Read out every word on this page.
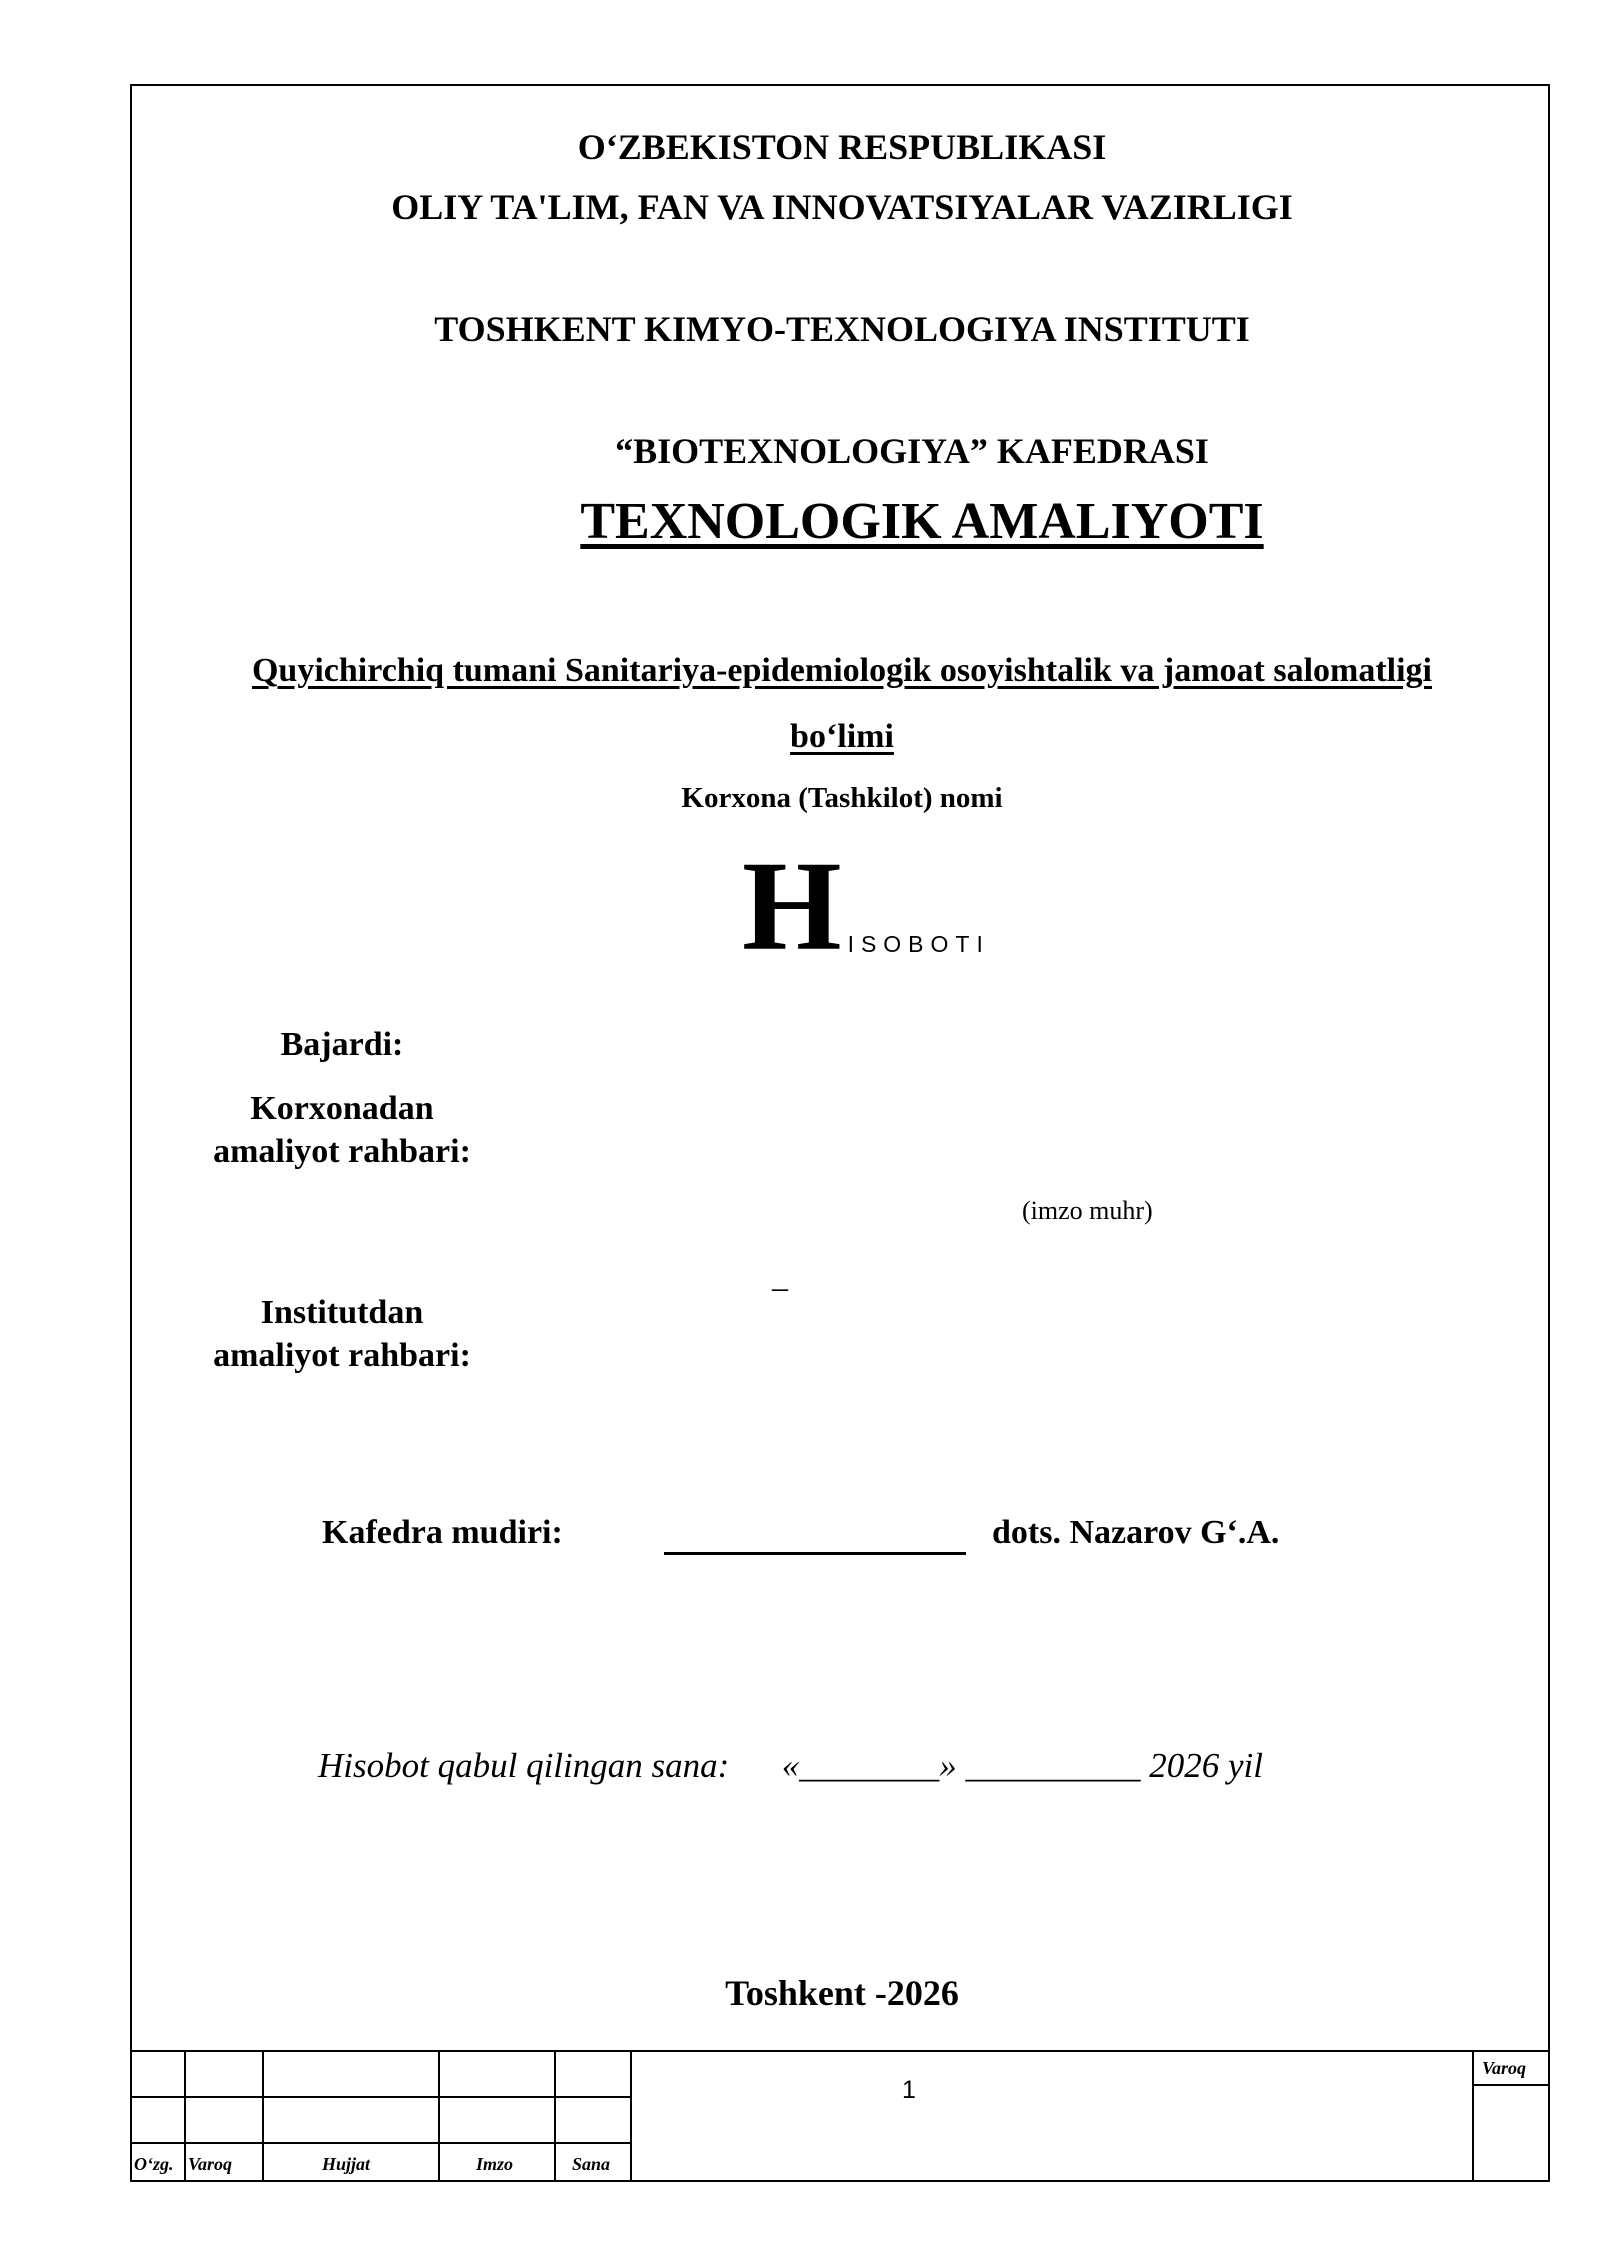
O‘ZBEKISTON RESPUBLIKASI
OLIY TA'LIM, FAN VA INNOVATSIYALAR VAZIRLIGI
TOSHKENT KIMYO-TEXNOLOGIYA INSTITUTI
“BIOTEXNOLOGIYA” KAFEDRASI
TEXNOLOGIK AMALIYOTI
Quyichirchiq tumani Sanitariya-epidemiologik osoyishtalik va jamoat salomatligi
bo‘limi
Korxona (Tashkilot) nomi
H ISOBOTI
Bajardi:
Korxonadan
amaliyot rahbari:
(imzo muhr)
_
Institutdan
amaliyot rahbari:
Kafedra mudiri:	dots. Nazarov G‘.A.
Hisobot qabul qilingan sana:      «________» __________ 2026 yil
Toshkent -2026
O‘zg. Varoq	Hujjat	Imzo	Sana
Varoq
1
